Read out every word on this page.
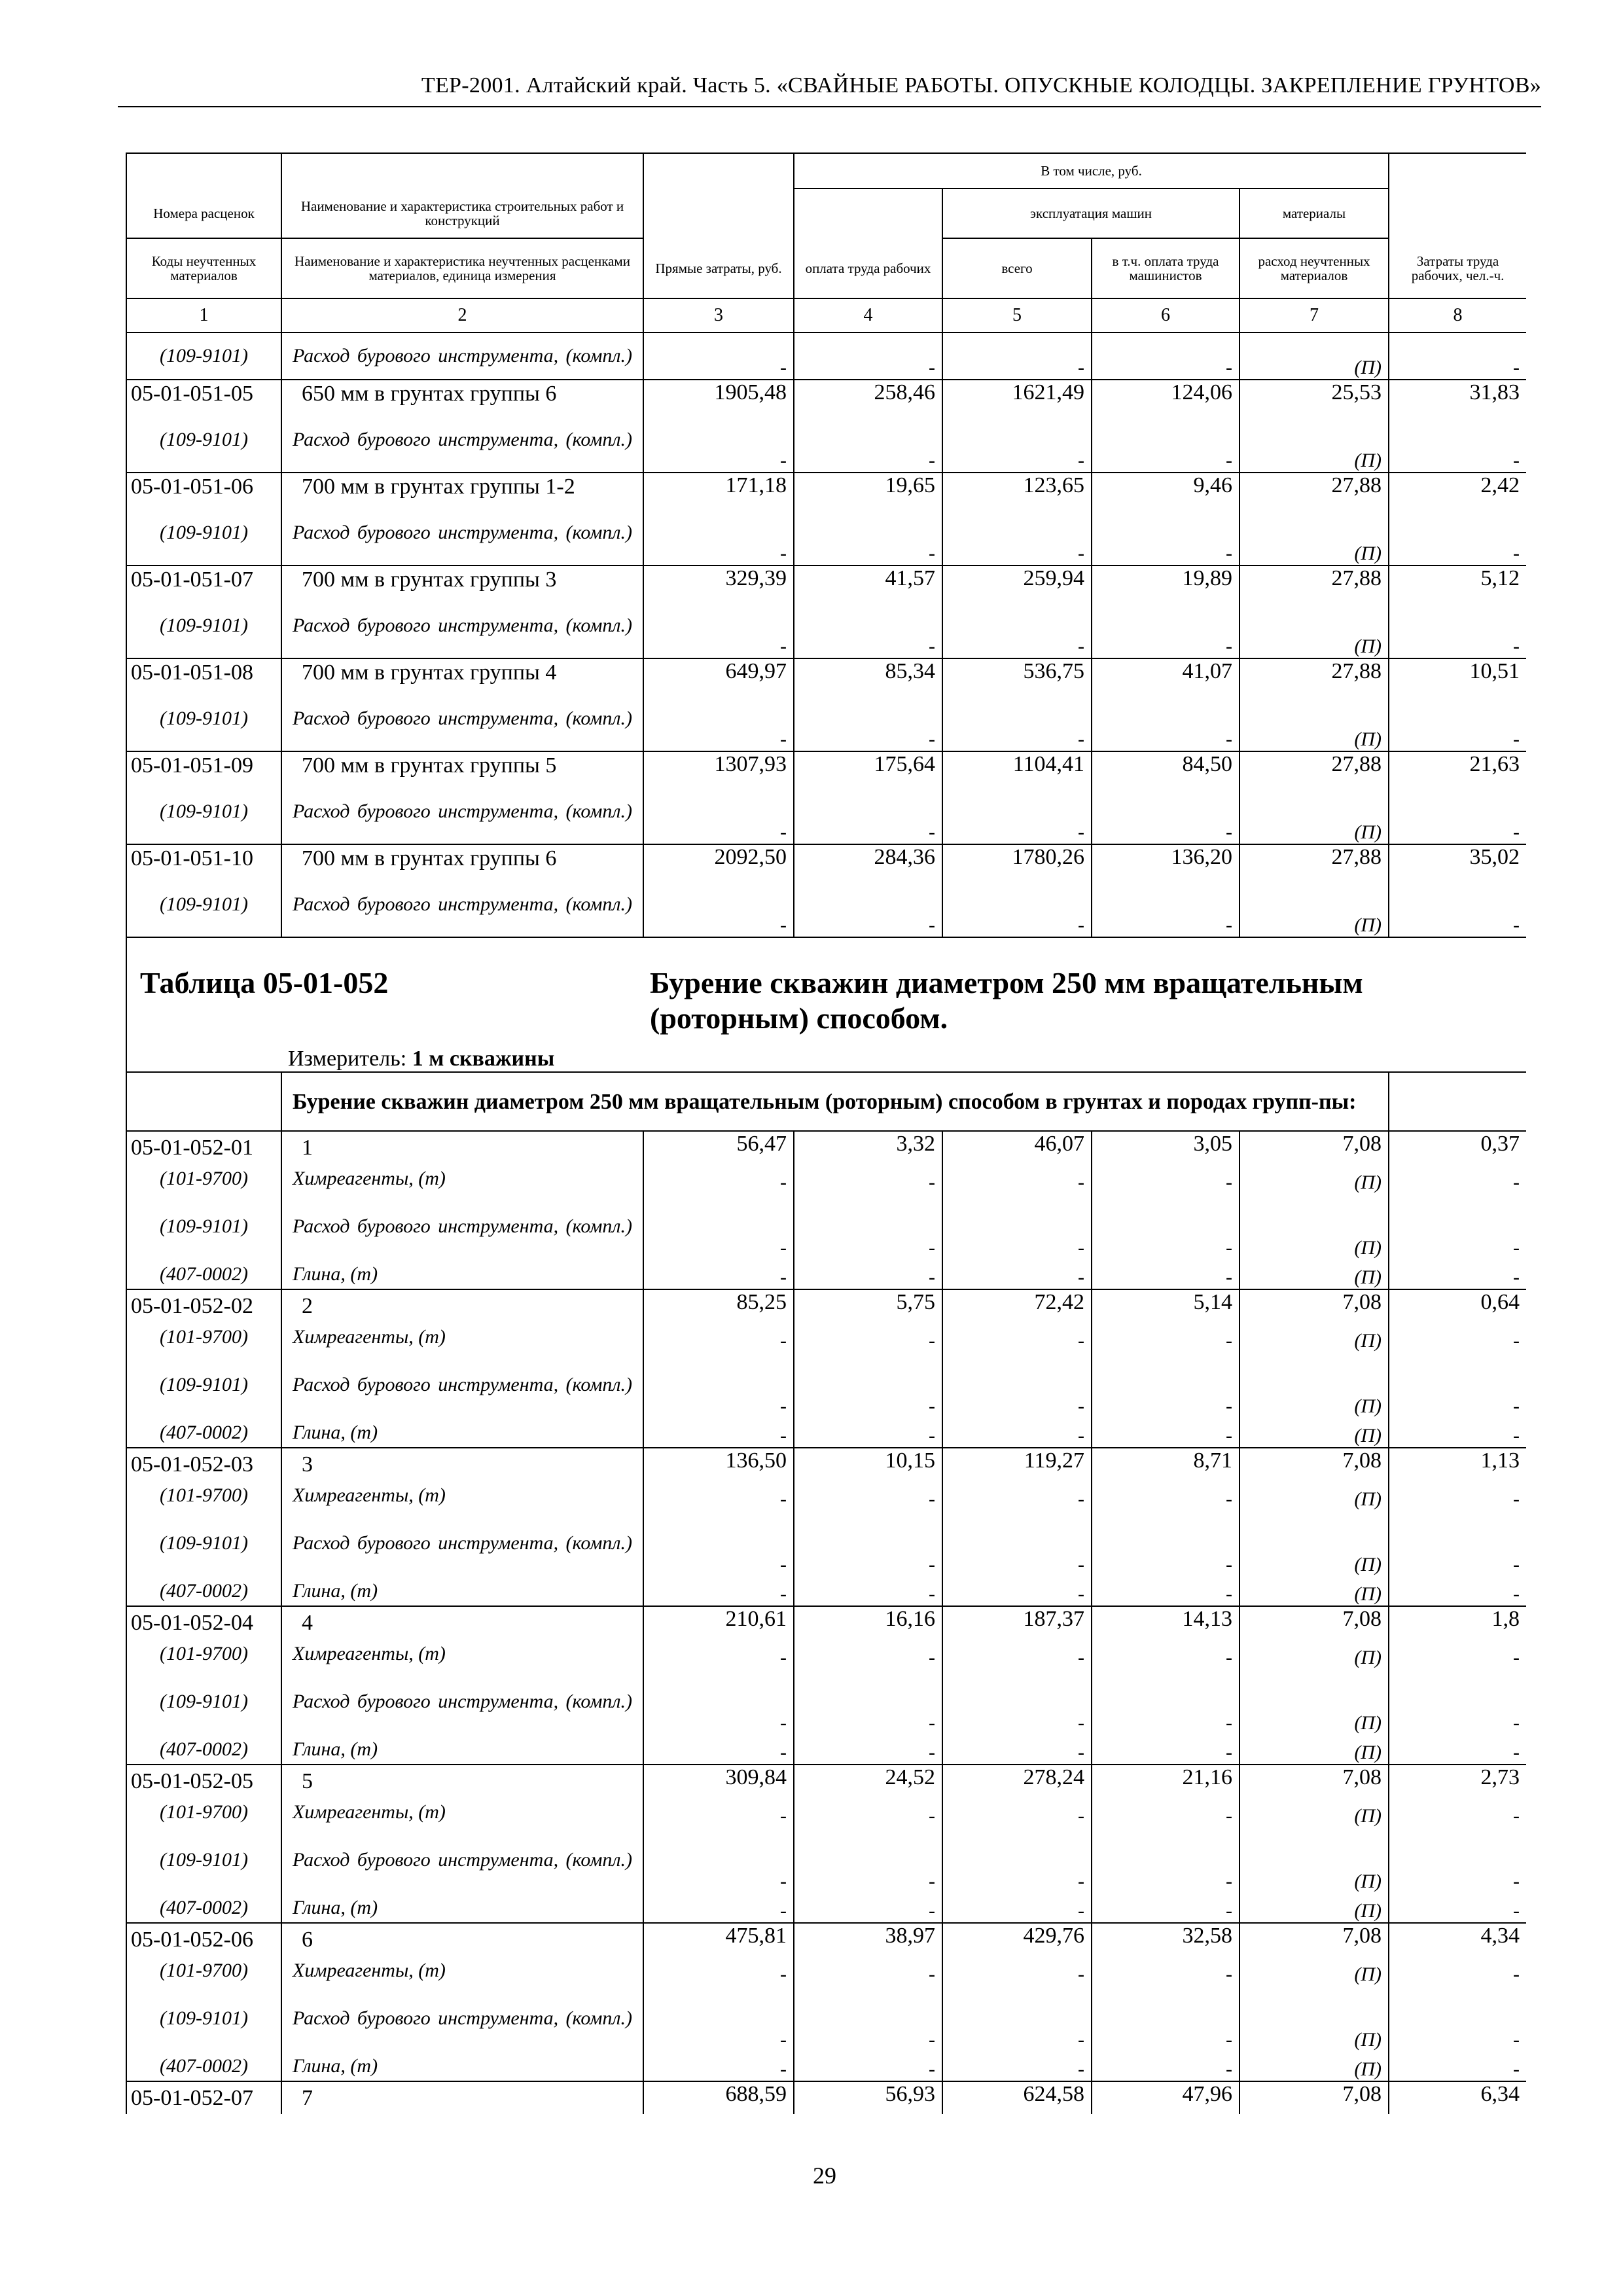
ТЕР-2001. Алтайский край. Часть 5. «СВАЙНЫЕ РАБОТЫ. ОПУСКНЫЕ КОЛОДЦЫ. ЗАКРЕПЛЕНИЕ ГРУНТОВ»
			В том числе, руб.				
Номера расценок	Наименование и характеристика строительных работ и конструкций			эксплуатация машин		материалы	
Коды неучтенных материалов	Наименование и характеристика неучтенных расценками материалов, единица измерения	Прямые затраты, руб.	оплата труда рабочих	всего	в т.ч. оплата труда машинистов	расход неучтенных материалов	Затраты труда рабочих, чел.-ч.
1	2	3	4	5	6	7	8
(109-9101)	Расход бурового инструмента, (компл.)	-	-	-	-	(П)	-
05-01-051-05	650 мм в грунтах группы 6	1905,48	258,46	1621,49	124,06	25,53	31,83
(109-9101)	Расход бурового инструмента, (компл.)	-	-	-	-	(П)	-
05-01-051-06	700 мм в грунтах группы 1-2	171,18	19,65	123,65	9,46	27,88	2,42
(109-9101)	Расход бурового инструмента, (компл.)	-	-	-	-	(П)	-
05-01-051-07	700 мм в грунтах группы 3	329,39	41,57	259,94	19,89	27,88	5,12
(109-9101)	Расход бурового инструмента, (компл.)	-	-	-	-	(П)	-
05-01-051-08	700 мм в грунтах группы 4	649,97	85,34	536,75	41,07	27,88	10,51
(109-9101)	Расход бурового инструмента, (компл.)	-	-	-	-	(П)	-
05-01-051-09	700 мм в грунтах группы 5	1307,93	175,64	1104,41	84,50	27,88	21,63
(109-9101)	Расход бурового инструмента, (компл.)	-	-	-	-	(П)	-
05-01-051-10	700 мм в грунтах группы 6	2092,50	284,36	1780,26	136,20	27,88	35,02
(109-9101)	Расход бурового инструмента, (компл.)	-	-	-	-	(П)	-
Таблица 05-01-052		Бурение скважин диаметром 250 мм вращательным (роторным) способом.					
	Измеритель: 1 м скважины						
	Бурение скважин диаметром 250 мм вращательным (роторным) способом в грунтах и породах групп-пы:						
05-01-052-01	1	56,47	3,32	46,07	3,05	7,08	0,37
(101-9700)	Химреагенты, (т)	-	-	-	-	(П)	-
(109-9101)	Расход бурового инструмента, (компл.)	-	-	-	-	(П)	-
(407-0002)	Глина, (т)	-	-	-	-	(П)	-
05-01-052-02	2	85,25	5,75	72,42	5,14	7,08	0,64
(101-9700)	Химреагенты, (т)	-	-	-	-	(П)	-
(109-9101)	Расход бурового инструмента, (компл.)	-	-	-	-	(П)	-
(407-0002)	Глина, (т)	-	-	-	-	(П)	-
05-01-052-03	3	136,50	10,15	119,27	8,71	7,08	1,13
(101-9700)	Химреагенты, (т)	-	-	-	-	(П)	-
(109-9101)	Расход бурового инструмента, (компл.)	-	-	-	-	(П)	-
(407-0002)	Глина, (т)	-	-	-	-	(П)	-
05-01-052-04	4	210,61	16,16	187,37	14,13	7,08	1,8
(101-9700)	Химреагенты, (т)	-	-	-	-	(П)	-
(109-9101)	Расход бурового инструмента, (компл.)	-	-	-	-	(П)	-
(407-0002)	Глина, (т)	-	-	-	-	(П)	-
05-01-052-05	5	309,84	24,52	278,24	21,16	7,08	2,73
(101-9700)	Химреагенты, (т)	-	-	-	-	(П)	-
(109-9101)	Расход бурового инструмента, (компл.)	-	-	-	-	(П)	-
(407-0002)	Глина, (т)	-	-	-	-	(П)	-
05-01-052-06	6	475,81	38,97	429,76	32,58	7,08	4,34
(101-9700)	Химреагенты, (т)	-	-	-	-	(П)	-
(109-9101)	Расход бурового инструмента, (компл.)	-	-	-	-	(П)	-
(407-0002)	Глина, (т)	-	-	-	-	(П)	-
05-01-052-07	7	688,59	56,93	624,58	47,96	7,08	6,34
29
